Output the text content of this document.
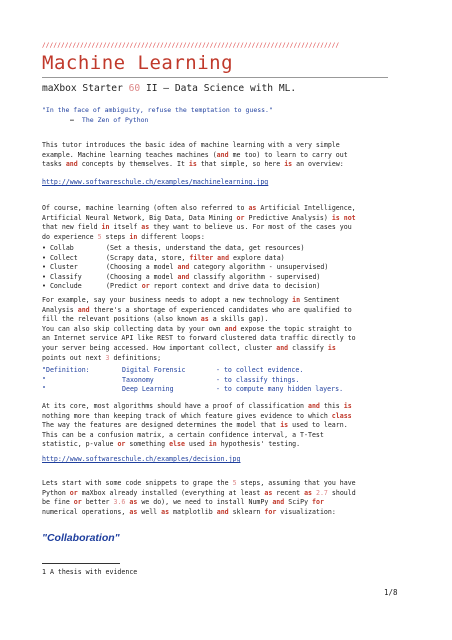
//////////////////////////////////////////////////////////////////////////////
Machine Learning
maXbox Starter 60 II – Data Science with ML.
"In the face of ambiguity, refuse the temptation to guess."
– The Zen of Python
This tutor introduces the basic idea of machine learning with a very simple
example. Machine learning teaches machines (and me too) to learn to carry out
tasks and concepts by themselves. It is that simple, so here is an overview:
http://www.softwareschule.ch/examples/machinelearning.jpg
Of course, machine learning (often also referred to as Artificial Intelligence,
Artificial Neural Network, Big Data, Data Mining or Predictive Analysis) is not
that new field in itself as they want to believe us. For most of the cases you
do experience 5 steps in different loops:
• Collab	(Set a thesis, understand the data, get resources)
• Collect	(Scrapy data, store, filter and explore data)
• Cluster	(Choosing a model and category algorithm - unsupervised)
• Classify	(Choosing a model and classify algorithm - supervised)
• Conclude	(Predict or report context and drive data to decision)
For example, say your business needs to adopt a new technology in Sentiment
Analysis and there's a shortage of experienced candidates who are qualified to
fill the relevant positions (also known as a skills gap).
You can also skip collecting data by your own and expose the topic straight to
an Internet service API like REST to forward clustered data traffic directly to
your server being accessed. How important collect, cluster and classify is
points out next 3 definitions;
"Definition:	Digital Forensic	- to collect evidence.
"	Taxonomy	- to classify things.
"	Deep Learning	- to compute many hidden layers.
At its core, most algorithms should have a proof of classification and this is
nothing more than keeping track of which feature gives evidence to which class
The way the features are designed determines the model that is used to learn.
This can be a confusion matrix, a certain confidence interval, a T-Test
statistic, p-value or something else used in hypothesis' testing.
http://www.softwareschule.ch/examples/decision.jpg
Lets start with some code snippets to grape the 5 steps, assuming that you have
Python or maXbox already installed (everything at least as recent as 2.7 should
be fine or better 3.6 as we do), we need to install NumPy and SciPy for
numerical operations, as well as matplotlib and sklearn for visualization:
"Collaboration"
1 A thesis with evidence
1/8
